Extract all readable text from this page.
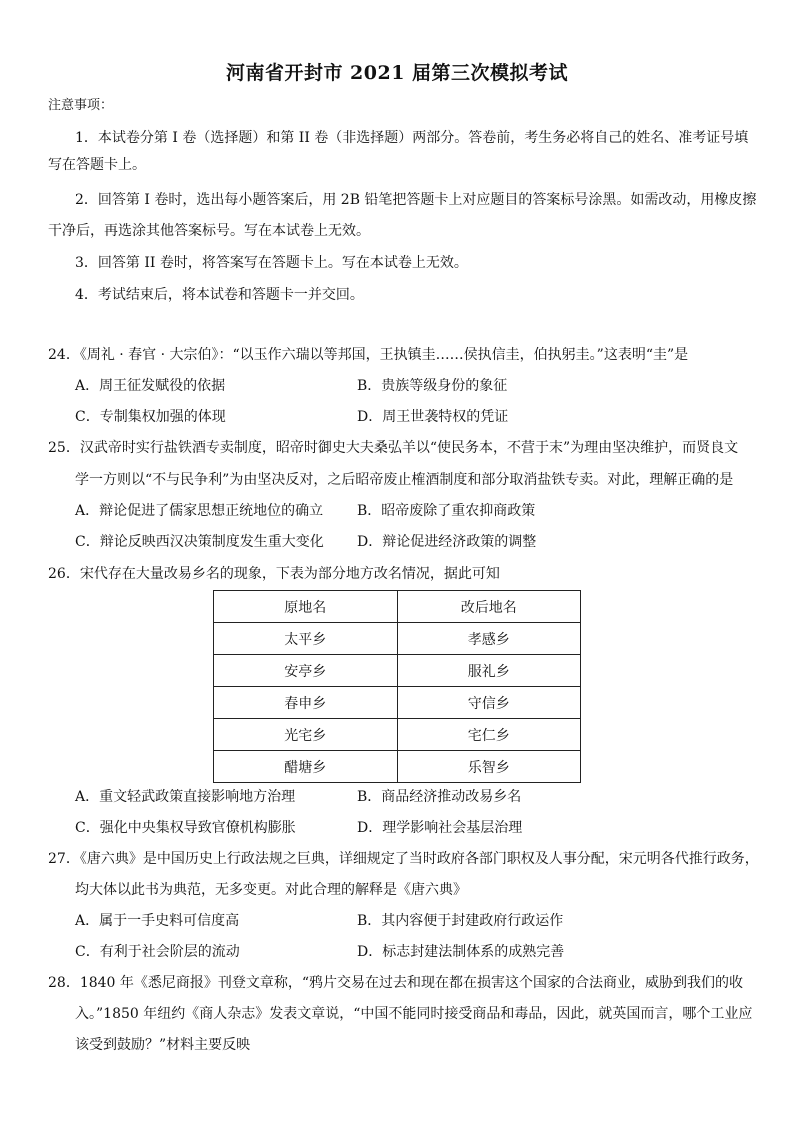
河南省开封市 2021 届第三次模拟考试
注意事项：
1．本试卷分第 I 卷（选择题）和第 II 卷（非选择题）两部分。答卷前，考生务必将自己的姓名、准考证号填
写在答题卡上。
2．回答第 I 卷时，选出每小题答案后，用 2B 铅笔把答题卡上对应题目的答案标号涂黑。如需改动，用橡皮擦
干净后，再选涂其他答案标号。写在本试卷上无效。
3．回答第 II 卷时，将答案写在答题卡上。写在本试卷上无效。
4．考试结束后，将本试卷和答题卡一并交回。
24．《周礼 · 春官 · 大宗伯》：“以玉作六瑞以等邦国，王执镇圭……侯执信圭，伯执躬圭。”这表明“圭”是
A．周王征发赋役的依据	B．贵族等级身份的象征
C．专制集权加强的体现	D．周王世袭特权的凭证
25．汉武帝时实行盐铁酒专卖制度，昭帝时御史大夫桑弘羊以“使民务本，不营于末”为理由坚决维护，而贤良文
学一方则以“不与民争利”为由坚决反对，之后昭帝废止榷酒制度和部分取消盐铁专卖。对此，理解正确的是
A．辩论促进了儒家思想正统地位的确立 B．昭帝废除了重农抑商政策
C．辩论反映西汉决策制度发生重大变化 D．辩论促进经济政策的调整
26．宋代存在大量改易乡名的现象，下表为部分地方改名情况，据此可知
原地名	改后地名
太平乡	孝感乡
安亭乡	服礼乡
春申乡	守信乡
光宅乡	宅仁乡
醋塘乡	乐智乡
A．重文轻武政策直接影响地方治理	B．商品经济推动改易乡名
C．强化中央集权导致官僚机构膨胀	D．理学影响社会基层治理
27．《唐六典》是中国历史上行政法规之巨典，详细规定了当时政府各部门职权及人事分配，宋元明各代推行政务，
均大体以此书为典范，无多变更。对此合理的解释是《唐六典》
A．属于一手史料可信度高	B．其内容便于封建政府行政运作
C．有利于社会阶层的流动	D．标志封建法制体系的成熟完善
28．1840 年《悉尼商报》刊登文章称，“鸦片交易在过去和现在都在损害这个国家的合法商业，威胁到我们的收
入。”1850 年纽约《商人杂志》发表文章说，“中国不能同时接受商品和毒品，因此，就英国而言，哪个工业应
该受到鼓励？”材料主要反映
